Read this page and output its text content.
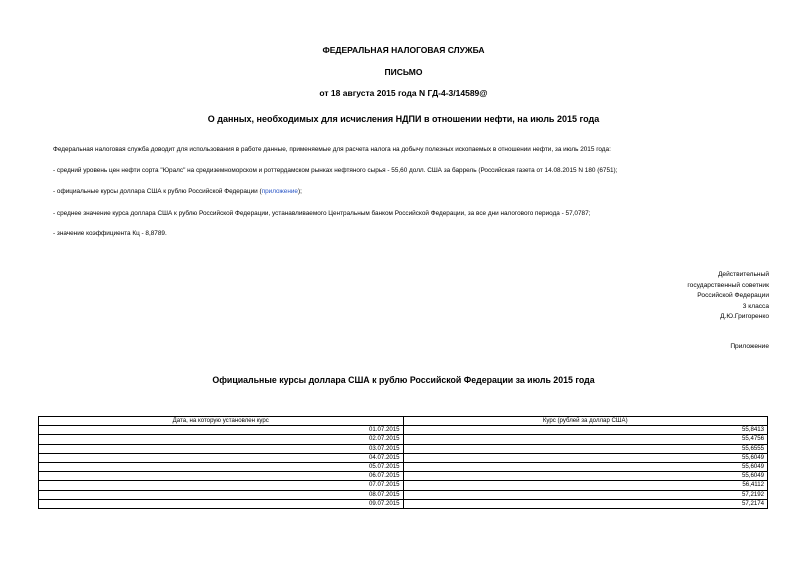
ФЕДЕРАЛЬНАЯ НАЛОГОВАЯ СЛУЖБА
ПИСЬМО
от 18 августа 2015 года N ГД-4-3/14589@
О данных, необходимых для исчисления НДПИ в отношении нефти, на июль 2015 года
Федеральная налоговая служба доводит для использования в работе данные, применяемые для расчета налога на добычу полезных ископаемых в отношении нефти, за июль 2015 года:
- средний уровень цен нефти сорта "Юралс" на средиземноморском и роттердамском рынках нефтяного сырья - 55,60 долл. США за баррель (Российская газета от 14.08.2015 N 180 (6751);
- официальные курсы доллара США к рублю Российской Федерации (приложение);
- среднее значение курса доллара США к рублю Российской Федерации, устанавливаемого Центральным банком Российской Федерации, за все дни налогового периода - 57,0787;
- значение коэффициента Кц - 8,8789.
Действительный
государственный советник
Российской Федерации
3 класса
Д.Ю.Григоренко
Приложение
Официальные курсы доллара США к рублю Российской Федерации за июль 2015 года
Дата, на которую установлен курс	Курс (рублей за доллар США)
01.07.2015	55,8413
02.07.2015	55,4756
03.07.2015	55,6555
04.07.2015	55,6049
05.07.2015	55,6049
06.07.2015	55,6049
07.07.2015	56,4112
08.07.2015	57,2192
09.07.2015	57,2174
